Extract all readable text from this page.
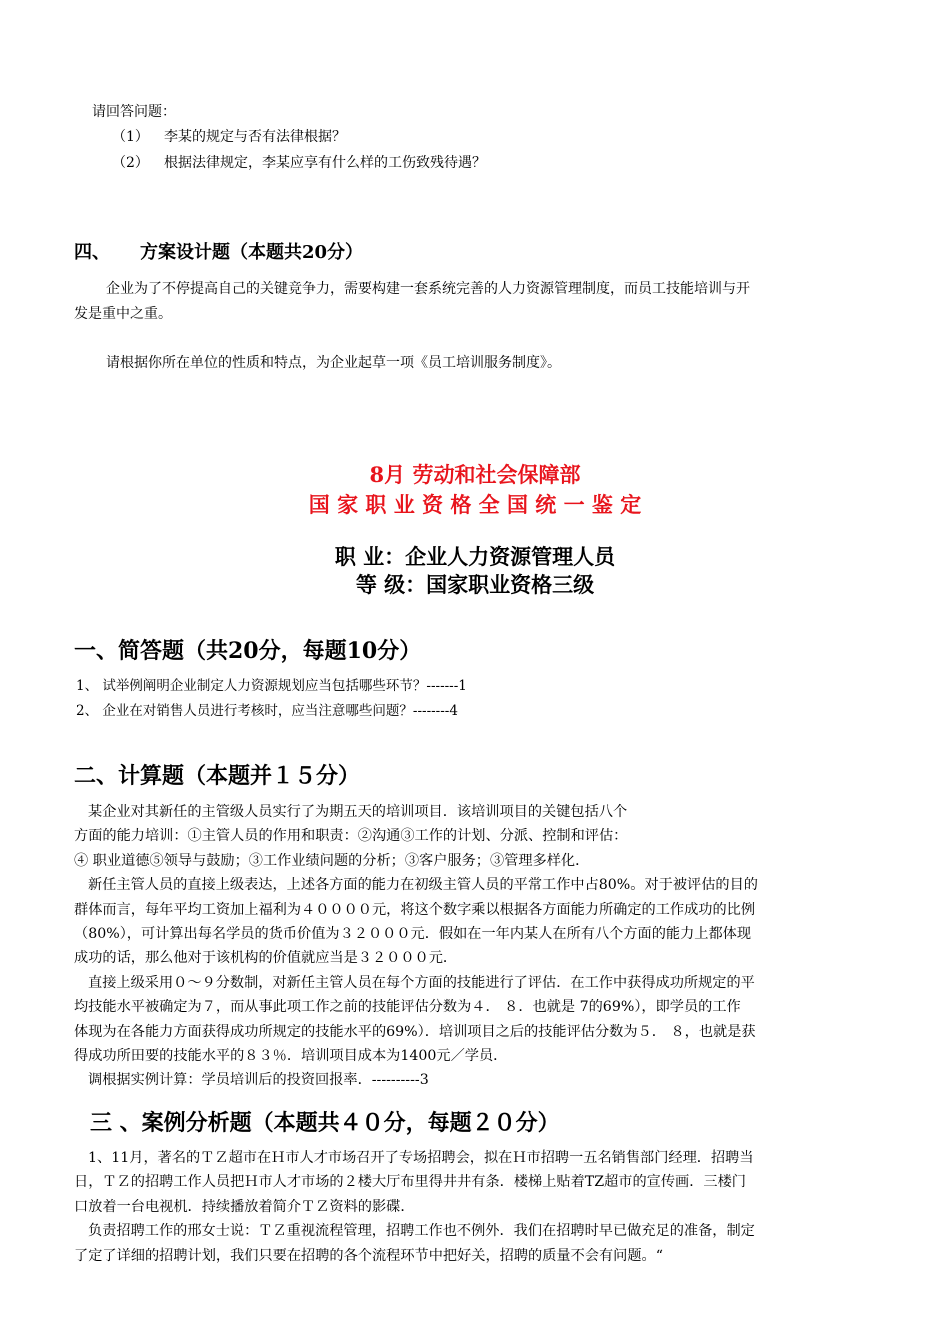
请回答问题：
（1） 李某的规定与否有法律根据？
（2） 根据法律规定，李某应享有什么样的工伤致残待遇？
四、 方案设计题（本题共20分）
企业为了不停提高自己的关键竞争力，需要构建一套系统完善的人力资源管理制度，而员工技能培训与开
发是重中之重。
请根据你所在单位的性质和特点，为企业起草一项《员工培训服务制度》。
8月 劳动和社会保障部
国 家 职 业 资 格 全 国 统 一 鉴 定
职 业：企业人力资源管理人员
等 级：国家职业资格三级
一、简答题（共20分，每题10分）
1、 试举例阐明企业制定人力资源规划应当包括哪些环节？-------1
2、 企业在对销售人员进行考核时，应当注意哪些问题？--------4
二、计算题（本题并１５分）
某企业对其新任的主管级人员实行了为期五天的培训项目．该培训项目的关键包括八个
方面的能力培训：①主管人员的作用和职责：②沟通③工作的计划、分派、控制和评估：
④ 职业道德⑤领导与鼓励；③工作业绩问题的分析；③客户服务；③管理多样化．
新任主管人员的直接上级表达，上述各方面的能力在初级主管人员的平常工作中占80%。对于被评估的目的
群体而言，每年平均工资加上福利为４００００元，将这个数字乘以根据各方面能力所确定的工作成功的比例
（80%），可计算出每名学员的货币价值为３２０００元．假如在一年内某人在所有八个方面的能力上都体现
成功的话，那么他对于该机构的价值就应当是３２０００元．
直接上级采用０～９分数制，对新任主管人员在每个方面的技能进行了评估．在工作中获得成功所规定的平
均技能水平被确定为７，而从事此项工作之前的技能评估分数为４． ８．也就是 7的69%），即学员的工作
体现为在各能力方面获得成功所规定的技能水平的69%）．培训项目之后的技能评估分数为５． ８，也就是获
得成功所田要的技能水平的８３％．培训项目成本为1400元／学员．
调根据实例计算：学员培训后的投资回报率．----------3
三 、案例分析题（本题共４０分，每题２０分）
1、11月，著名的ＴＺ超市在Ｈ市人才市场召开了专场招聘会，拟在Ｈ市招聘一五名销售部门经理．招聘当
日，ＴＺ的招聘工作人员把Ｈ市人才市场的２楼大厅布里得井井有条．楼梯上贴着TZ超市的宣传画．三楼门
口放着一台电视机．持续播放着简介ＴＺ资料的影碟．
负责招聘工作的邢女士说：ＴＺ重视流程管理，招聘工作也不例外．我们在招聘时早已做充足的准备，制定
了定了详细的招聘计划，我们只要在招聘的各个流程环节中把好关，招聘的质量不会有问题。“
